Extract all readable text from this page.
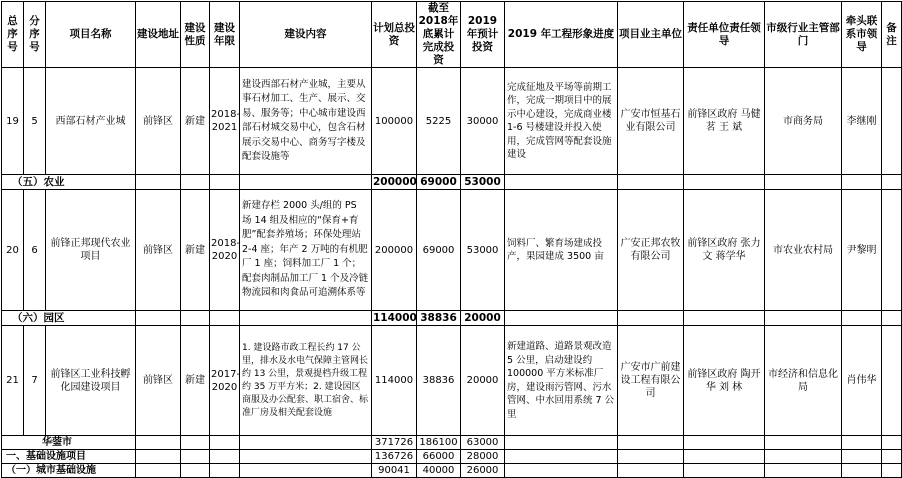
总序号	分序号	项目名称	建设地址	建设性质	建设年限	建设内容	计划总投资	截至 2018年底累计完成投资	2019 年预计投资	2019 年工程形象进度	项目业主单位	责任单位责任领导	市级行业主管部门	牵头联系市领导	备注
19	5	西部石材产业城	前锋区	新建	2018-2021	建设西部石材产业城，主要从事石材加工、生产、展示、交易、服务等；中心城市建设西部石材城交易中心，包含石材展示交易中心、商务写字楼及配套设施等	100000	5225	30000	完成征地及平场等前期工作，完成一期项目中的展示中心建设，完成商业楼 1-6 号楼建设并投入使用，完成管网等配套设施建设	广安市恒基石业有限公司	前锋区政府 马健茗 王 斌	市商务局	李继刚	
（五）农业							200000	69000	53000						
20	6	前锋正邦现代农业项目	前锋区	新建	2018-2020	新建存栏 2000 头/组的 PS 场 14 组及相应的“保育+育肥”配套养殖场；环保处理站 2-4 座；年产 2 万吨的有机肥厂 1 座；饲料加工厂 1 个；配套肉制品加工厂 1 个及冷链物流园和肉食品可追溯体系等	200000	69000	53000	饲料厂、繁育场建成投产，果园建成 3500 亩	广安正邦农牧有限公司	前锋区政府 张力文 蒋学华	市农业农村局	尹黎明	
（六）园区							114000	38836	20000						
21	7	前锋区工业科技孵化园建设项目	前锋区	新建	2017-2020	1. 建设路市政工程长约 17 公里，排水及水电气保障主管网长约 13 公里，景观提档升级工程约 35 万平方米；2. 建设园区商服及办公配套、职工宿舍、标准厂房及相关配套设施	114000	38836	20000	新建道路、道路景观改造 5 公里，启动建设约 100000 平方米标准厂房，建设雨污管网、污水管网、中水回用系统 7 公里	广安市广前建设工程有限公司	前锋区政府 陶开华 刘 林	市经济和信息化局	肖伟华	
华蓥市							371726	186100	63000						
一、基础设施项目							136726	66000	28000						
（一）城市基础设施							90041	40000	26000						
